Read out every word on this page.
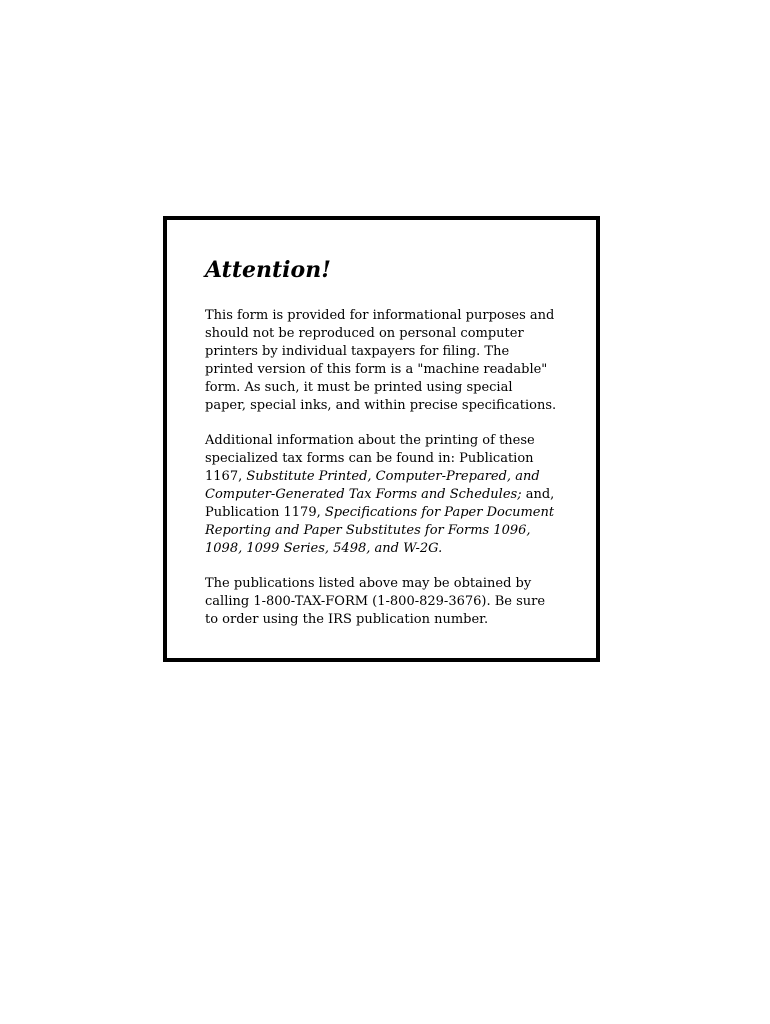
Attention!
This form is provided for informational purposes and
should not be reproduced on personal computer
printers by individual taxpayers for filing. The
printed version of this form is a "machine readable"
form. As such, it must be printed using special
paper, special inks, and within precise specifications.
Additional information about the printing of these
specialized tax forms can be found in: Publication
1167, Substitute Printed, Computer-Prepared, and
Computer-Generated Tax Forms and Schedules; and,
Publication 1179, Specifications for Paper Document
Reporting and Paper Substitutes for Forms 1096,
1098, 1099 Series, 5498, and W-2G.
The publications listed above may be obtained by
calling 1-800-TAX-FORM (1-800-829-3676). Be sure
to order using the IRS publication number.
